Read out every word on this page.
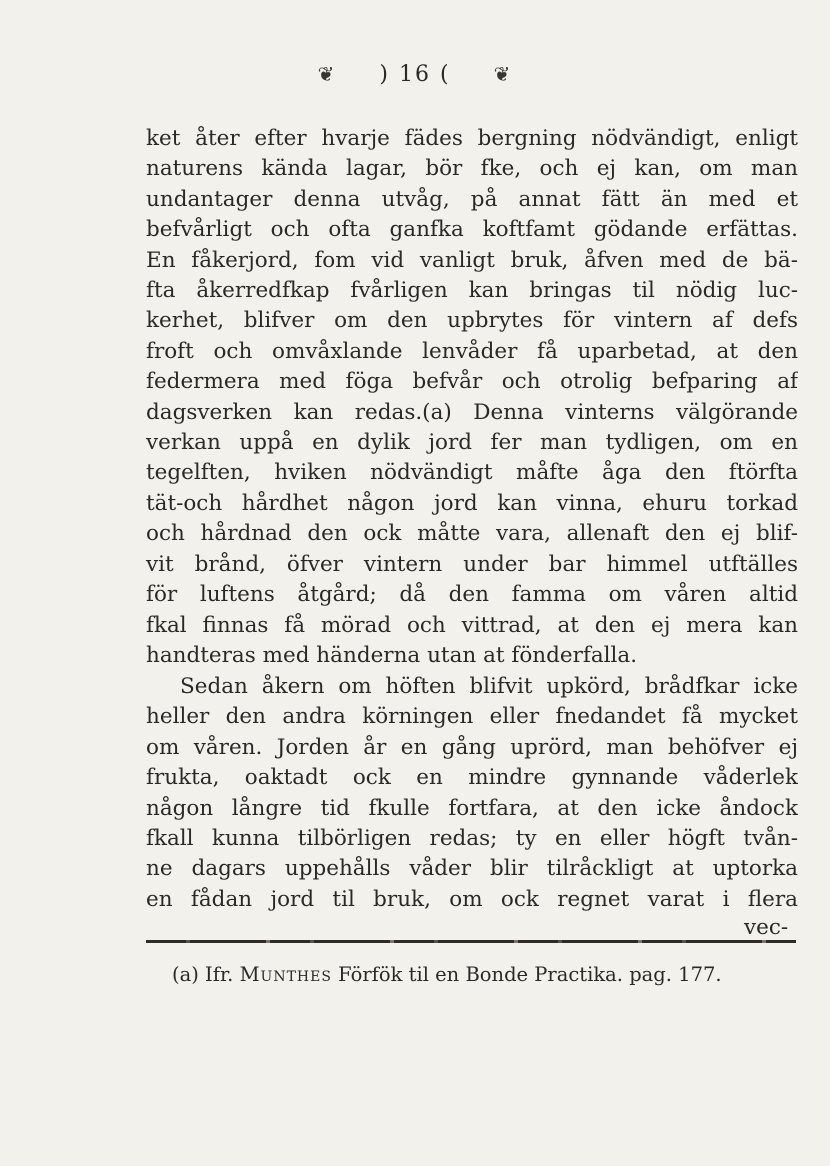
❦ ) 16 ( ❦
ket åter efter hvarje fädes bergning nödvändigt, enligt
naturens kända lagar, bör fke, och ej kan, om man
undantager denna utvåg, på annat fätt än med et
befvårligt och ofta ganfka koftfamt gödande erfättas.
En fåkerjord, fom vid vanligt bruk, åfven med de bä-
fta åkerredfkap fvårligen kan bringas til nödig luc-
kerhet, blifver om den upbrytes för vintern af defs
froft och omvåxlande lenvåder få uparbetad, at den
federmera med föga befvår och otrolig befparing af
dagsverken kan redas.(a) Denna vinterns välgörande
verkan uppå en dylik jord fer man tydligen, om en
tegelften, hviken nödvändigt måfte åga den ftörfta
tät-och hårdhet någon jord kan vinna, ehuru torkad
och hårdnad den ock måtte vara, allenaft den ej blif-
vit brånd, öfver vintern under bar himmel utftälles
för luftens åtgård; då den famma om våren altid
fkal finnas få mörad och vittrad, at den ej mera kan
handteras med händerna utan at fönderfalla.
Sedan åkern om höften blifvit upkörd, brådfkar icke
heller den andra körningen eller fnedandet få mycket
om våren. Jorden år en gång uprörd, man behöfver ej
frukta, oaktadt ock en mindre gynnande våderlek
någon långre tid fkulle fortfara, at den icke åndock
fkall kunna tilbörligen redas; ty en eller högft tvån-
ne dagars uppehålls våder blir tilråckligt at uptorka
en fådan jord til bruk, om ock regnet varat i flera
vec-
(a) Ifr. Munthes Förfök til en Bonde Practika. pag. 177.
